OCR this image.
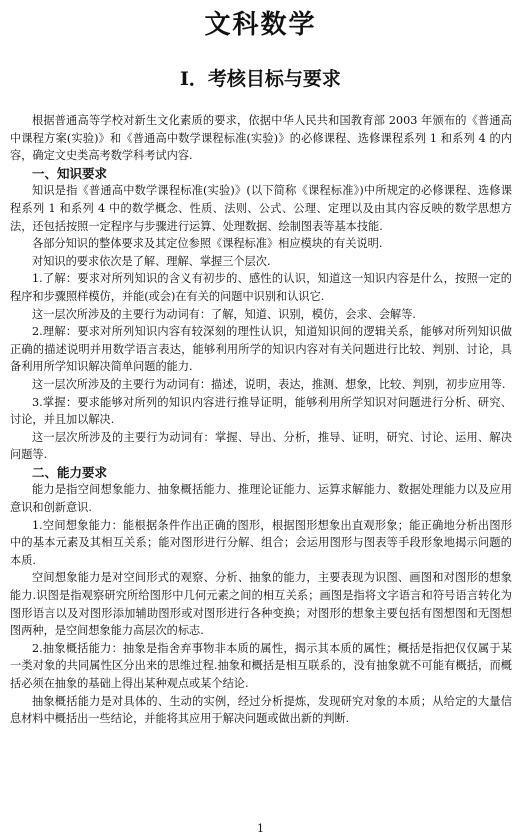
文科数学
Ⅰ．考核目标与要求

根据普通高等学校对新生文化素质的要求，依据中华人民共和国教育部 2003 年颁布的《普通高中课程方案(实验)》和《普通高中数学课程标准(实验)》的必修课程、选修课程系列 1 和系列 4 的内容，确定文史类高考数学科考试内容.

一、知识要求

知识是指《普通高中数学课程标准(实验)》(以下简称《课程标准》)中所规定的必修课程、选修课程系列 1 和系列 4 中的数学概念、性质、法则、公式、公理、定理以及由其内容反映的数学思想方法，还包括按照一定程序与步骤进行运算、处理数据、绘制图表等基本技能.

各部分知识的整体要求及其定位参照《课程标准》相应模块的有关说明.

对知识的要求依次是了解、理解、掌握三个层次.

1.了解：要求对所列知识的含义有初步的、感性的认识，知道这一知识内容是什么，按照一定的程序和步骤照样模仿，并能(或会)在有关的问题中识别和认识它.

这一层次所涉及的主要行为动词有：了解，知道、识别，模仿，会求、会解等.

2.理解：要求对所列知识内容有较深刻的理性认识，知道知识间的逻辑关系，能够对所列知识做正确的描述说明并用数学语言表达，能够利用所学的知识内容对有关问题进行比较、判别、讨论，具备利用所学知识解决简单问题的能力.

这一层次所涉及的主要行为动词有：描述，说明，表达，推测、想象，比较、判别，初步应用等.

3.掌握：要求能够对所列的知识内容进行推导证明，能够利用所学知识对问题进行分析、研究、讨论，并且加以解决.

这一层次所涉及的主要行为动词有：掌握、导出、分析，推导、证明，研究、讨论、运用、解决问题等.

二、能力要求

能力是指空间想象能力、抽象概括能力、推理论证能力、运算求解能力、数据处理能力以及应用意识和创新意识.

1.空间想象能力：能根据条件作出正确的图形，根据图形想象出直观形象；能正确地分析出图形中的基本元素及其相互关系；能对图形进行分解、组合；会运用图形与图表等手段形象地揭示问题的本质.

空间想象能力是对空间形式的观察、分析、抽象的能力，主要表现为识图、画图和对图形的想象能力.识图是指观察研究所给图形中几何元素之间的相互关系；画图是指将文字语言和符号语言转化为图形语言以及对图形添加辅助图形或对图形进行各种变换；对图形的想象主要包括有图想图和无图想图两种，是空间想象能力高层次的标志.

2.抽象概括能力：抽象是指舍弃事物非本质的属性，揭示其本质的属性；概括是指把仅仅属于某一类对象的共同属性区分出来的思维过程.抽象和概括是相互联系的，没有抽象就不可能有概括，而概括必须在抽象的基础上得出某种观点或某个结论.

抽象概括能力是对具体的、生动的实例，经过分析提炼，发现研究对象的本质；从给定的大量信息材料中概括出一些结论，并能将其应用于解决问题或做出新的判断.

1
